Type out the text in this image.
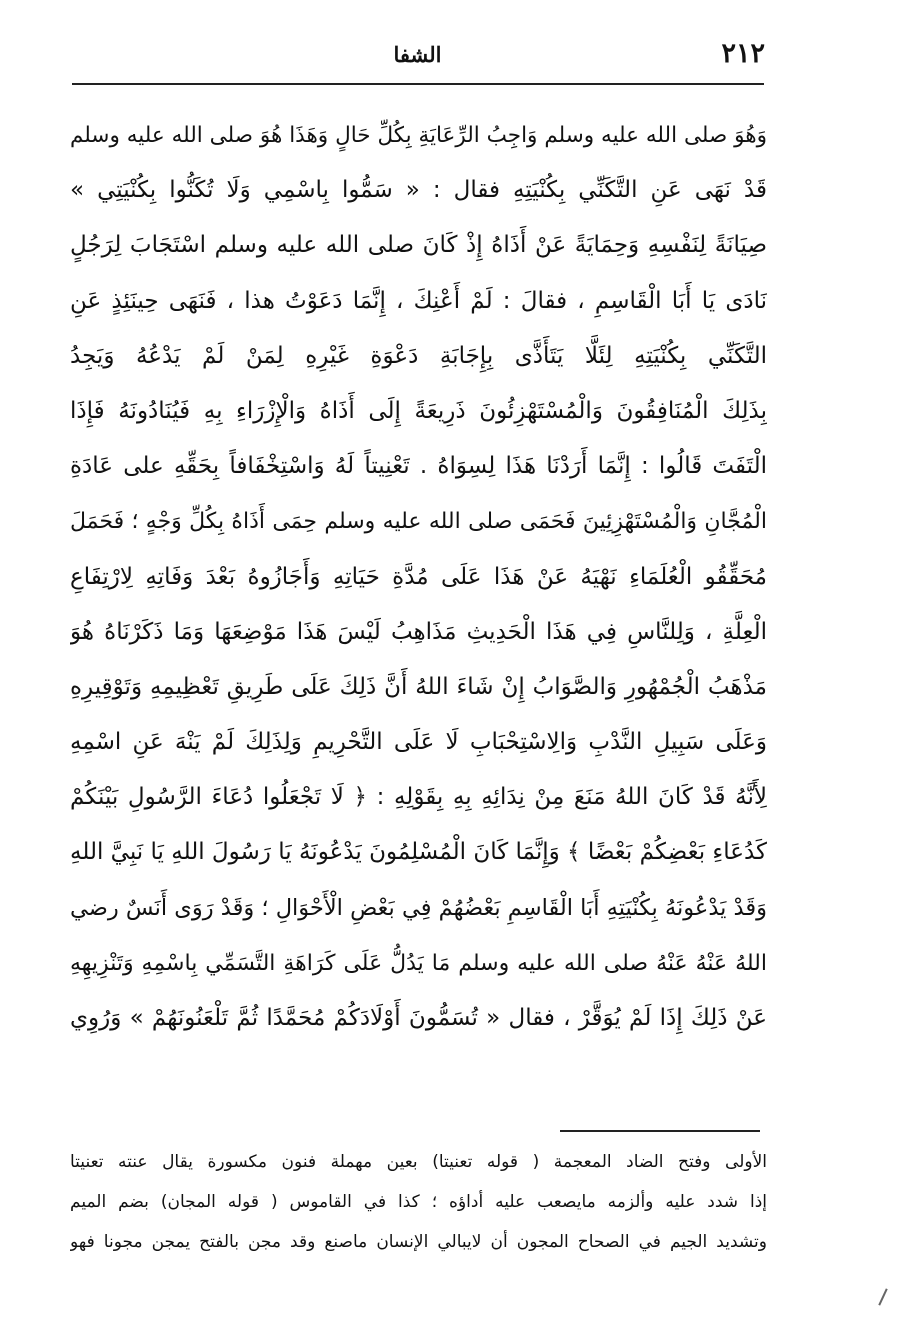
٢١٢
الشفا
وَهُوَ صلى الله عليه وسلم وَاجِبُ الرِّعَايَةِ بِكُلِّ حَالٍ وَهَذَا هُوَ صلى الله عليه وسلم
قَدْ نَهَى عَنِ التَّكَنِّي بِكُنْيَتِهِ فقال : « سَمُّوا بِاسْمِي وَلَا تُكَنُّوا بِكُنْيَتِي »
صِيَانَةً لِنَفْسِهِ وَحِمَايَةً عَنْ أَذَاهُ إِذْ كَانَ صلى الله عليه وسلم اسْتَجَابَ لِرَجُلٍ
نَادَى يَا أَبَا الْقَاسِمِ ، فقالَ : لَمْ أَعْنِكَ ، إِنَّمَا دَعَوْتُ هذا ، فَنَهَى حِينَئِذٍ عَنِ
التَّكَنِّي بِكُنْيَتِهِ لِئَلَّا يَتَأَذَّى بِإِجَابَةِ دَعْوَةِ غَيْرِهِ لِمَنْ لَمْ يَدْعُهُ وَيَجِدُ
بِذَلِكَ الْمُنَافِقُونَ وَالْمُسْتَهْزِئُونَ ذَرِيعَةً إِلَى أَذَاهُ وَالْإِزْرَاءِ بِهِ فَيُنَادُونَهُ فَإِذَا
الْتَفَتَ قَالُوا : إِنَّمَا أَرَدْنَا هَذَا لِسِوَاهُ . تَعْنِيتاً لَهُ وَاسْتِخْفَافاً بِحَقِّهِ على عَادَةِ
الْمُجَّانِ وَالْمُسْتَهْزِئِينَ فَحَمَى صلى الله عليه وسلم حِمَى أَذَاهُ بِكُلِّ وَجْهٍ ؛ فَحَمَلَ
مُحَقِّقُو الْعُلَمَاءِ نَهْيَهُ عَنْ هَذَا عَلَى مُدَّةِ حَيَاتِهِ وَأَجَازُوهُ بَعْدَ وَفَاتِهِ لِارْتِفَاعِ
الْعِلَّةِ ، وَلِلنَّاسِ فِي هَذَا الْحَدِيثِ مَذَاهِبُ لَيْسَ هَذَا مَوْضِعَهَا وَمَا ذَكَرْنَاهُ هُوَ
مَذْهَبُ الْجُمْهُورِ وَالصَّوَابُ إِنْ شَاءَ اللهُ أَنَّ ذَلِكَ عَلَى طَرِيقِ تَعْظِيمِهِ وَتَوْقِيرِهِ
وَعَلَى سَبِيلِ النَّدْبِ وَالِاسْتِحْبَابِ لَا عَلَى التَّحْرِيمِ وَلِذَلِكَ لَمْ يَنْهَ عَنِ اسْمِهِ
لِأَنَّهُ قَدْ كَانَ اللهُ مَنَعَ مِنْ نِدَائِهِ بِهِ بِقَوْلِهِ : ﴿ لَا تَجْعَلُوا دُعَاءَ الرَّسُولِ بَيْنَكُمْ
كَدُعَاءِ بَعْضِكُمْ بَعْضًا ﴾ وَإِنَّمَا كَانَ الْمُسْلِمُونَ يَدْعُونَهُ يَا رَسُولَ اللهِ يَا نَبِيَّ اللهِ
وَقَدْ يَدْعُونَهُ بِكُنْيَتِهِ أَبَا الْقَاسِمِ بَعْضُهُمْ فِي بَعْضِ الْأَحْوَالِ ؛ وَقَدْ رَوَى أَنَسٌ رضي
اللهُ عَنْهُ عَنْهُ صلى الله عليه وسلم مَا يَدُلُّ عَلَى كَرَاهَةِ التَّسَمِّي بِاسْمِهِ وَتَنْزِيهِهِ
عَنْ ذَلِكَ إِذَا لَمْ يُوَقَّرْ ، فقال « تُسَمُّونَ أَوْلَادَكُمْ مُحَمَّدًا ثُمَّ تَلْعَنُونَهُمْ » وَرُوِي
الأولى وفتح الضاد المعجمة ( قوله تعنيتا) بعين مهملة فنون مكسورة يقال عنته تعنيتا
إذا شدد عليه وألزمه مايصعب عليه أداؤه ؛ كذا في القاموس ( قوله المجان) بضم الميم
وتشديد الجيم في الصحاح المجون أن لايبالي الإنسان ماصنع وقد مجن بالفتح يمجن مجونا فهو
